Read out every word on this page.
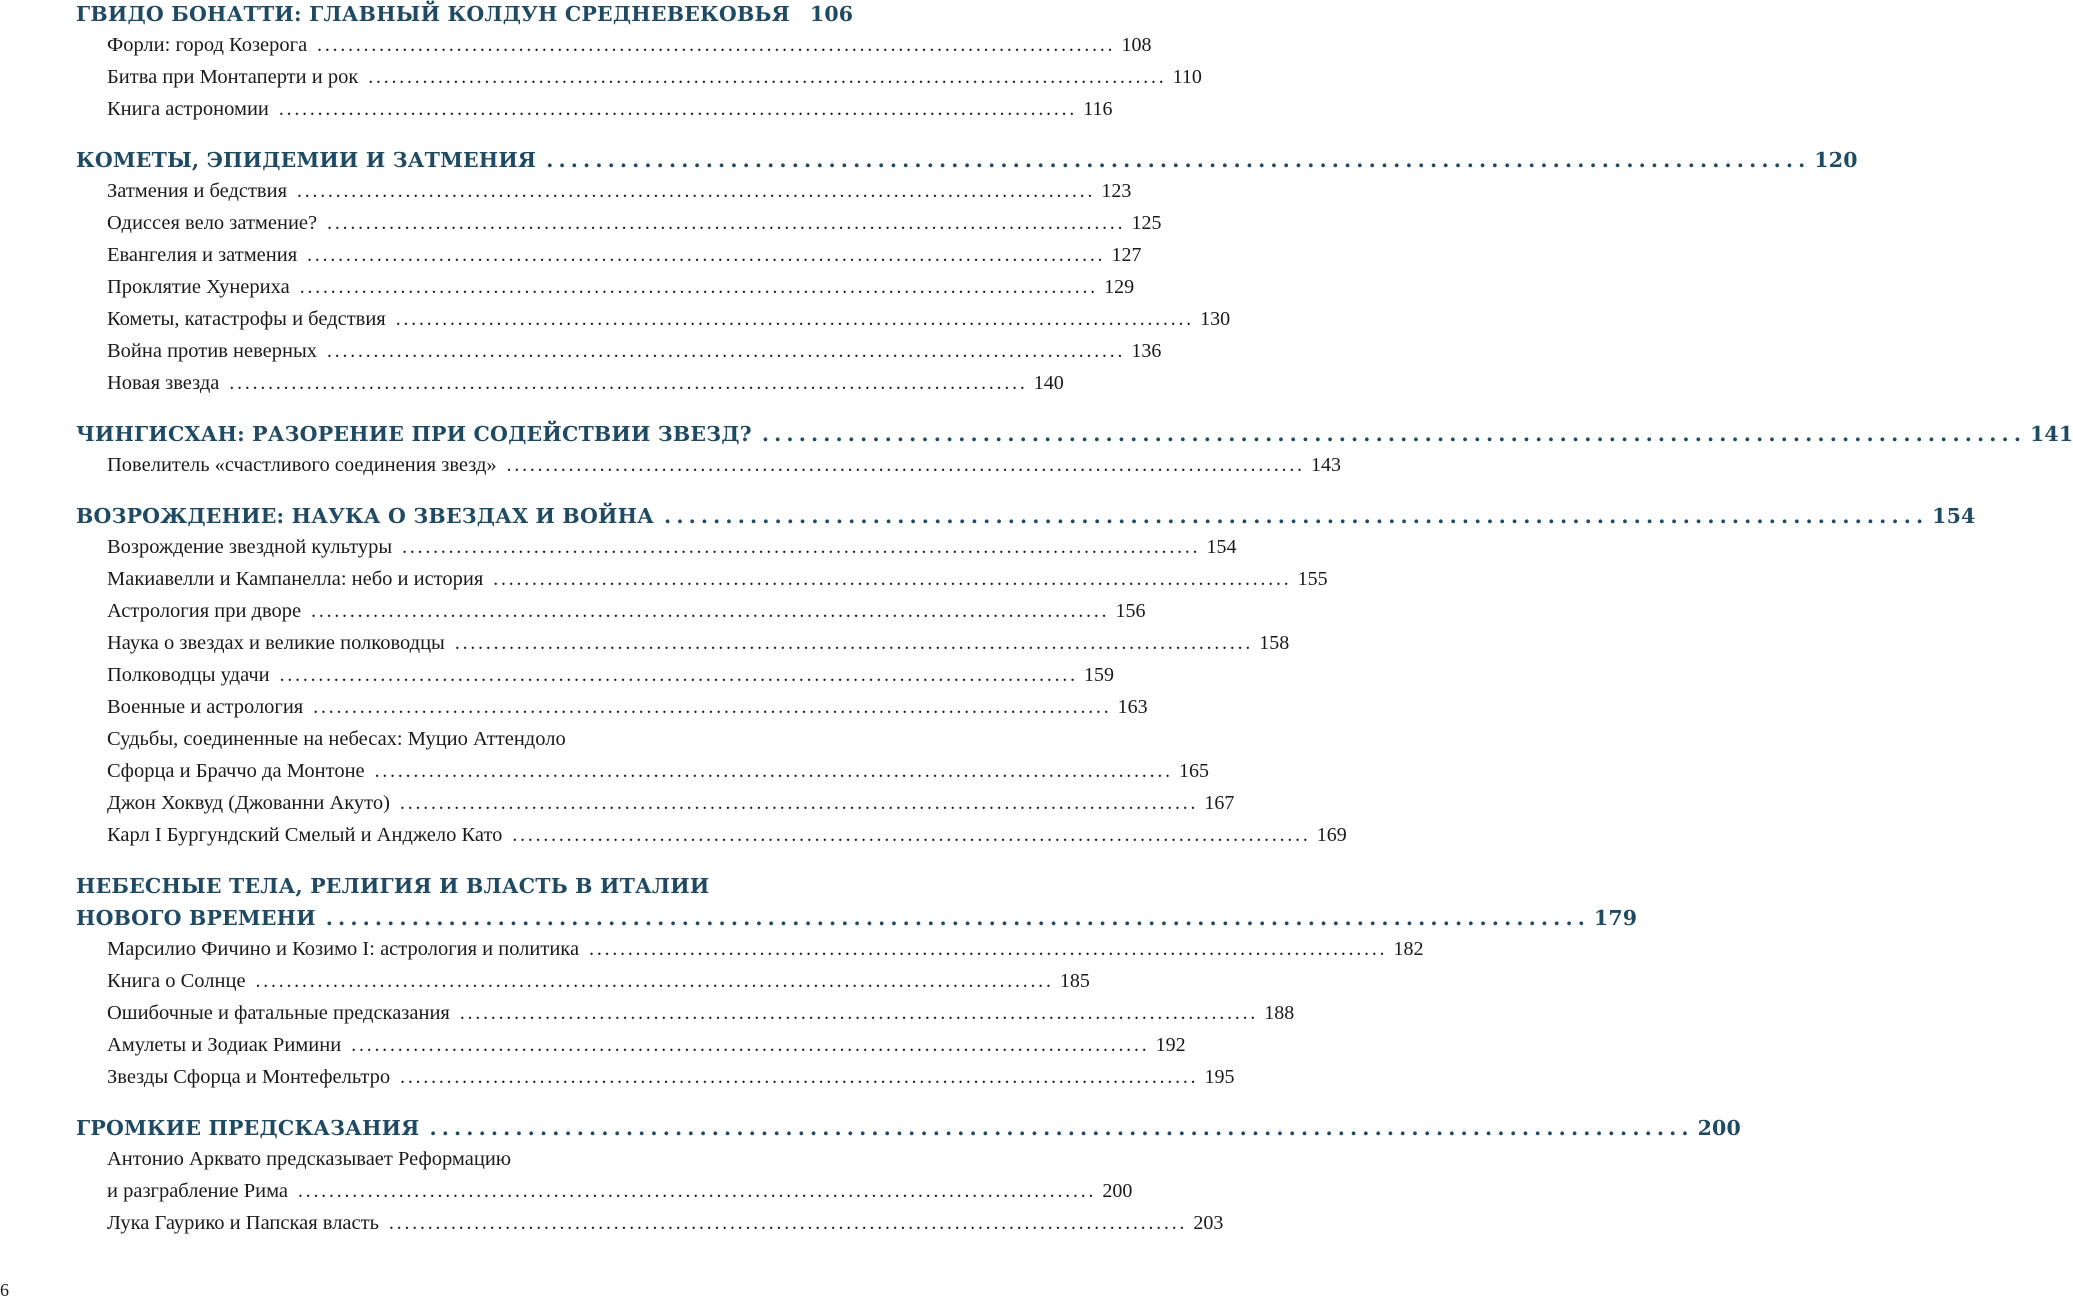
ГВИДО БОНАТТИ: ГЛАВНЫЙ КОЛДУН СРЕДНЕВЕКОВЬЯ 106
Форли: город Козерога . . .	108
Битва при Монтаперти и рок . . .	110
Книга астрономии . . .	116
КОМЕТЫ, ЭПИДЕМИИ И ЗАТМЕНИЯ . . .	120
Затмения и бедствия . . .	123
Одиссея вело затмение? . . .	125
Евангелия и затмения . . .	127
Проклятие Хунериха . . .	129
Кометы, катастрофы и бедствия . . .	130
Война против неверных . . .	136
Новая звезда . . .	140
ЧИНГИСХАН: РАЗОРЕНИЕ ПРИ СОДЕЙСТВИИ ЗВЕЗД? . . .	141
Повелитель «счастливого соединения звезд» . . .	143
ВОЗРОЖДЕНИЕ: НАУКА О ЗВЕЗДАХ И ВОЙНА . . .	154
Возрождение звездной культуры . . .	154
Макиавелли и Кампанелла: небо и история . . .	155
Астрология при дворе . . .	156
Наука о звездах и великие полководцы . . .	158
Полководцы удачи . . .	159
Военные и астрология . . .	163
Судьбы, соединенные на небесах: Муцио Аттендоло
Сфорца и Браччо да Монтоне . . .	165
Джон Хоквуд (Джованни Акуто) . . .	167
Карл I Бургундский Смелый и Анджело Като . . .	169
НЕБЕСНЫЕ ТЕЛА, РЕЛИГИЯ И ВЛАСТЬ В ИТАЛИИ
НОВОГО ВРЕМЕНИ . . .	179
Марсилио Фичино и Козимо I: астрология и политика . . .	182
Книга о Солнце . . .	185
Ошибочные и фатальные предсказания . . .	188
Амулеты и Зодиак Римини . . .	192
Звезды Сфорца и Монтефельтро . . .	195
ГРОМКИЕ ПРЕДСКАЗАНИЯ . . .	200
Антонио Арквато предсказывает Реформацию
и разграбление Рима . . .	200
Лука Гаурико и Папская власть . . .	203
6
